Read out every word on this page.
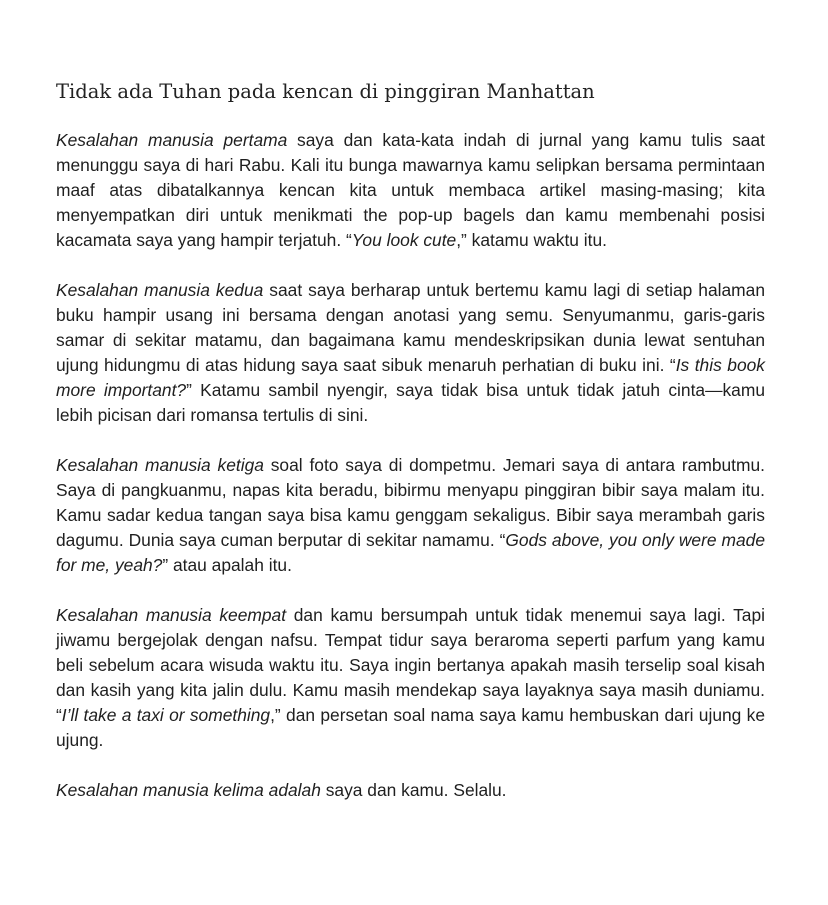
Tidak ada Tuhan pada kencan di pinggiran Manhattan

Kesalahan manusia pertama saya dan kata-kata indah di jurnal yang kamu tulis saat menunggu saya di hari Rabu. Kali itu bunga mawarnya kamu selipkan bersama permintaan maaf atas dibatalkannya kencan kita untuk membaca artikel masing-masing; kita menyempatkan diri untuk menikmati the pop-up bagels dan kamu membenahi posisi kacamata saya yang hampir terjatuh. “You look cute,” katamu waktu itu.

Kesalahan manusia kedua saat saya berharap untuk bertemu kamu lagi di setiap halaman buku hampir usang ini bersama dengan anotasi yang semu. Senyumanmu, garis-garis samar di sekitar matamu, dan bagaimana kamu mendeskripsikan dunia lewat sentuhan ujung hidungmu di atas hidung saya saat sibuk menaruh perhatian di buku ini. “Is this book more important?” Katamu sambil nyengir, saya tidak bisa untuk tidak jatuh cinta—kamu lebih picisan dari romansa tertulis di sini.

Kesalahan manusia ketiga soal foto saya di dompetmu. Jemari saya di antara rambutmu. Saya di pangkuanmu, napas kita beradu, bibirmu menyapu pinggiran bibir saya malam itu. Kamu sadar kedua tangan saya bisa kamu genggam sekaligus. Bibir saya merambah garis dagumu. Dunia saya cuman berputar di sekitar namamu. “Gods above, you only were made for me, yeah?” atau apalah itu.

Kesalahan manusia keempat dan kamu bersumpah untuk tidak menemui saya lagi. Tapi jiwamu bergejolak dengan nafsu. Tempat tidur saya beraroma seperti parfum yang kamu beli sebelum acara wisuda waktu itu. Saya ingin bertanya apakah masih terselip soal kisah dan kasih yang kita jalin dulu. Kamu masih mendekap saya layaknya saya masih duniamu. “I’ll take a taxi or something,” dan persetan soal nama saya kamu hembuskan dari ujung ke ujung.

Kesalahan manusia kelima adalah saya dan kamu. Selalu.
